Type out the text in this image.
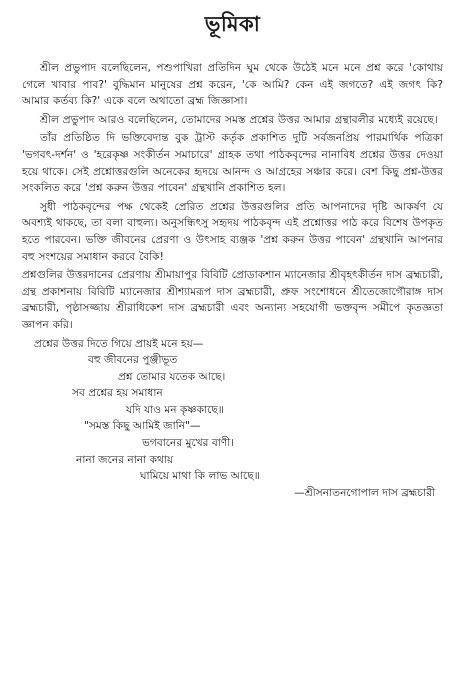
ভূমিকা

শ্রীল প্রভুপাদ বলেছিলেন, পশুপাখিরা প্রতিদিন ঘুম থেকে উঠেই মনে মনে প্রশ্ন করে 'কোথায় গেলে খাবার পাব?' বুদ্ধিমান মানুষের প্রশ্ন করেন, 'কে আমি? কেন এই জগতে? এই জগৎ কি? আমার কর্তব্য কি?' একে বলে অথাতো ব্রহ্ম জিজ্ঞাসা।

শ্রীল প্রভুপাদ আরও বলেছিলেন, তোমাদের সমস্ত প্রশ্নের উত্তর আমার গ্রন্থাবলীর মধ্যেই রয়েছে।

তাঁর প্রতিষ্ঠিত দি ভক্তিবেদান্ত বুক ট্রাস্ট কর্তৃক প্রকাশিত দুটি সর্বজনপ্রিয় পারমার্থিক পত্রিকা 'ভগবৎ-দর্শন' ও 'হরেকৃষ্ণ সংকীর্তন সমাচারে' গ্রাহক তথা পাঠকবৃন্দের নানাবিধ প্রশ্নের উত্তর দেওয়া হয়ে থাকে। সেই প্রশ্নোত্তরগুলি অনেকের হৃদয়ে আনন্দ ও আগ্রহের সঞ্চার করে। বেশ কিছু প্রশ্ন-উত্তর সংকলিত করে 'প্রশ্ন করুন উত্তর পাবেন' গ্রন্থখানি প্রকাশিত হল।

সুধী পাঠকবৃন্দের পক্ষ থেকেই প্রেরিত প্রশ্নের উত্তরগুলির প্রতি আপনাদের দৃষ্টি আকর্ষণ যে অবশ্যই থাকছে, তা বলা বাহুল্য। অনুসন্ধিৎসু সহৃদয় পাঠকবৃন্দ এই প্রশ্নোত্তর পাঠ করে বিশেষ উপকৃত হতে পারবেন। ভক্তি জীবনের প্রেরণা ও উৎসাহ ব্যঞ্জক 'প্রশ্ন করুন উত্তর পাবেন' গ্রন্থখানি আপনার বহু সংশয়ের সমাধান করবে বৈকি!

প্রশ্নগুলির উত্তরদানের প্রেরণায় শ্রীমায়াপুর বিবিটি প্রোডাকশান ম্যানেজার শ্রীবৃহৎকীর্তন দাস ব্রহ্মচারী, গ্রন্থ প্রকাশনায় বিবিটি ম্যানেজার শ্রীশ্যামরূপ দাস ব্রহ্মচারী, প্রুফ সংশোধনে শ্রীতেজোগৌরাঙ্গ দাস ব্রহ্মচারী, পৃষ্ঠাসজ্জায় শ্রীরাধিকেশ দাস ব্রহ্মচারী এবং অন্যান্য সহযোগী ভক্তবৃন্দ সমীপে কৃতজ্ঞতা জ্ঞাপন করি।

প্রশ্নের উত্তর দিতে গিয়ে প্রায়ই মনে হয়—
বহু জীবনের পুঞ্জীভূত
প্রশ্ন তোমার যতেক আছে।
সব প্রশ্নের হয় সমাধান
যদি যাও মন কৃষ্ণকাছে॥
"সমস্ত কিছু আমিই জানি"—
ভগবানের মুখের বাণী।
নানা জনের নানা কথায়
ঘামিয়ে মাথা কি লাভ আছে॥
—শ্রীসনাতনগোপাল দাস ব্রহ্মচারী
